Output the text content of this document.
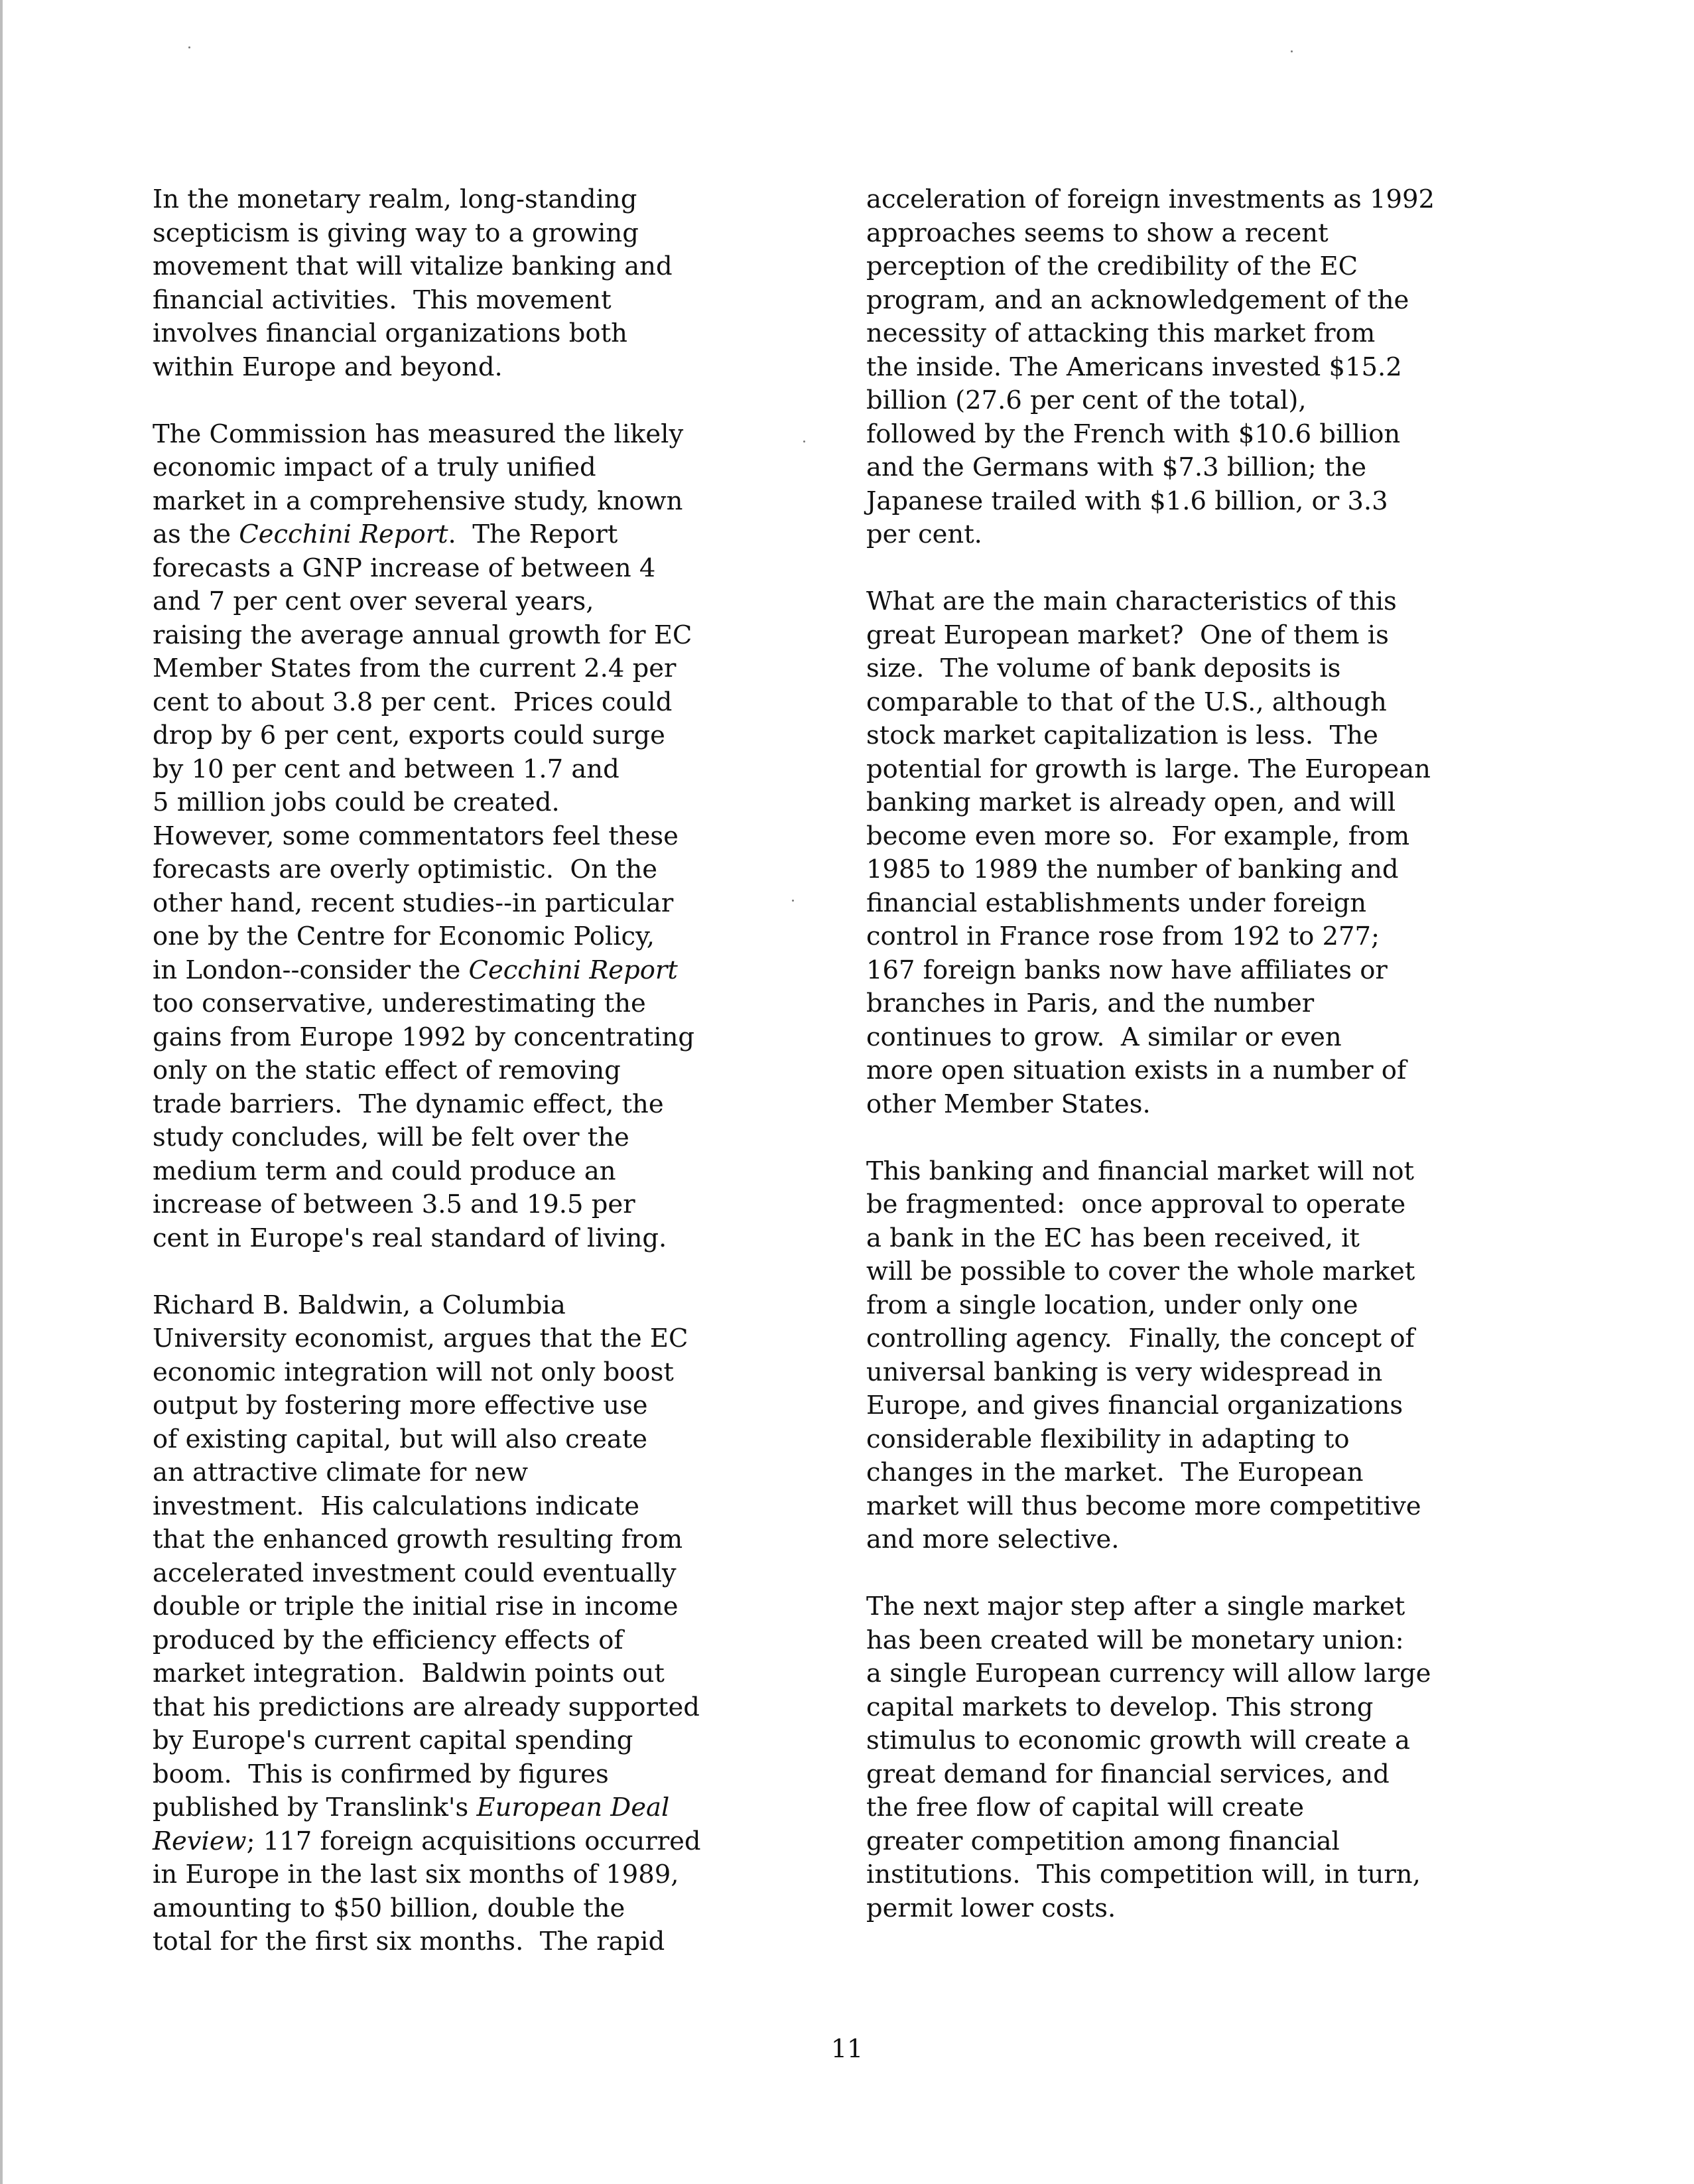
In the monetary realm, long-standing
scepticism is giving way to a growing
movement that will vitalize banking and
financial activities.  This movement
involves financial organizations both
within Europe and beyond.

The Commission has measured the likely
economic impact of a truly unified
market in a comprehensive study, known
as the Cecchini Report.  The Report
forecasts a GNP increase of between 4
and 7 per cent over several years,
raising the average annual growth for EC
Member States from the current 2.4 per
cent to about 3.8 per cent.  Prices could
drop by 6 per cent, exports could surge
by 10 per cent and between 1.7 and
5 million jobs could be created.
However, some commentators feel these
forecasts are overly optimistic.  On the
other hand, recent studies--in particular
one by the Centre for Economic Policy,
in London--consider the Cecchini Report
too conservative, underestimating the
gains from Europe 1992 by concentrating
only on the static effect of removing
trade barriers.  The dynamic effect, the
study concludes, will be felt over the
medium term and could produce an
increase of between 3.5 and 19.5 per
cent in Europe's real standard of living.

Richard B. Baldwin, a Columbia
University economist, argues that the EC
economic integration will not only boost
output by fostering more effective use
of existing capital, but will also create
an attractive climate for new
investment.  His calculations indicate
that the enhanced growth resulting from
accelerated investment could eventually
double or triple the initial rise in income
produced by the efficiency effects of
market integration.  Baldwin points out
that his predictions are already supported
by Europe's current capital spending
boom.  This is confirmed by figures
published by Translink's European Deal
Review; 117 foreign acquisitions occurred
in Europe in the last six months of 1989,
amounting to $50 billion, double the
total for the first six months.  The rapid

acceleration of foreign investments as 1992
approaches seems to show a recent
perception of the credibility of the EC
program, and an acknowledgement of the
necessity of attacking this market from
the inside. The Americans invested $15.2
billion (27.6 per cent of the total),
followed by the French with $10.6 billion
and the Germans with $7.3 billion; the
Japanese trailed with $1.6 billion, or 3.3
per cent.

What are the main characteristics of this
great European market?  One of them is
size.  The volume of bank deposits is
comparable to that of the U.S., although
stock market capitalization is less.  The
potential for growth is large. The European
banking market is already open, and will
become even more so.  For example, from
1985 to 1989 the number of banking and
financial establishments under foreign
control in France rose from 192 to 277;
167 foreign banks now have affiliates or
branches in Paris, and the number
continues to grow.  A similar or even
more open situation exists in a number of
other Member States.

This banking and financial market will not
be fragmented:  once approval to operate
a bank in the EC has been received, it
will be possible to cover the whole market
from a single location, under only one
controlling agency.  Finally, the concept of
universal banking is very widespread in
Europe, and gives financial organizations
considerable flexibility in adapting to
changes in the market.  The European
market will thus become more competitive
and more selective.

The next major step after a single market
has been created will be monetary union:
a single European currency will allow large
capital markets to develop. This strong
stimulus to economic growth will create a
great demand for financial services, and
the free flow of capital will create
greater competition among financial
institutions.  This competition will, in turn,
permit lower costs.

11
